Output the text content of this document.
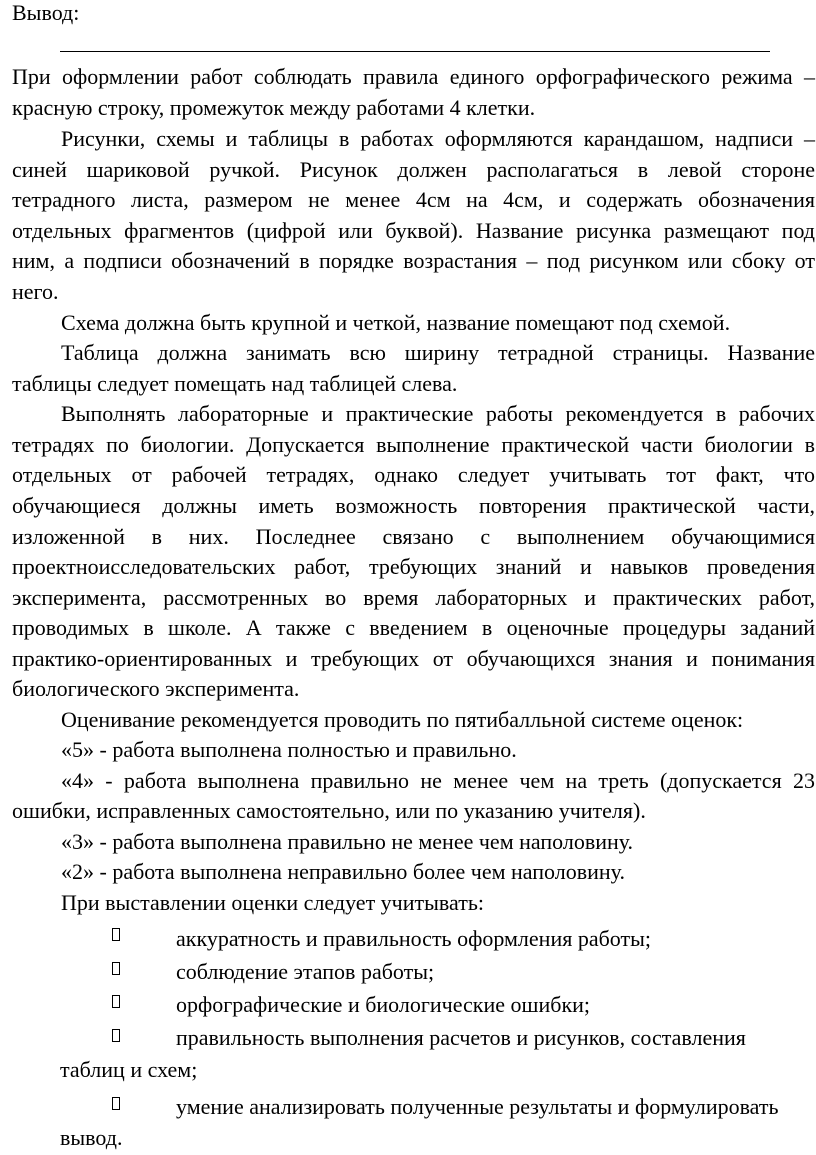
Вывод:
При оформлении работ соблюдать правила единого орфографического режима –
красную строку, промежуток между работами 4 клетки.
Рисунки, схемы и таблицы в работах оформляются карандашом, надписи –
синей шариковой ручкой. Рисунок должен располагаться в левой стороне
тетрадного листа, размером не менее 4см на 4см, и содержать обозначения
отдельных фрагментов (цифрой или буквой). Название рисунка размещают под
ним, а подписи обозначений в порядке возрастания – под рисунком или сбоку от
него.
Схема должна быть крупной и четкой, название помещают под схемой.
Таблица должна занимать всю ширину тетрадной страницы. Название
таблицы следует помещать над таблицей слева.
Выполнять лабораторные и практические работы рекомендуется в рабочих
тетрадях по биологии. Допускается выполнение практической части биологии в
отдельных от рабочей тетрадях, однако следует учитывать тот факт, что
обучающиеся должны иметь возможность повторения практической части,
изложенной в них. Последнее связано с выполнением обучающимися
проектноисследовательских работ, требующих знаний и навыков проведения
эксперимента, рассмотренных во время лабораторных и практических работ,
проводимых в школе. А также с введением в оценочные процедуры заданий
практико-ориентированных и требующих от обучающихся знания и понимания
биологического эксперимента.
Оценивание рекомендуется проводить по пятибалльной системе оценок:
«5» - работа выполнена полностью и правильно.
«4» - работа выполнена правильно не менее чем на треть (допускается 23
ошибки, исправленных самостоятельно, или по указанию учителя).
«3» - работа выполнена правильно не менее чем наполовину.
«2» - работа выполнена неправильно более чем наполовину.
При выставлении оценки следует учитывать:
аккуратность и правильность оформления работы;
соблюдение этапов работы;
орфографические и биологические ошибки;
правильность выполнения расчетов и рисунков, составления
таблиц и схем;
умение анализировать полученные результаты и формулировать
вывод.
